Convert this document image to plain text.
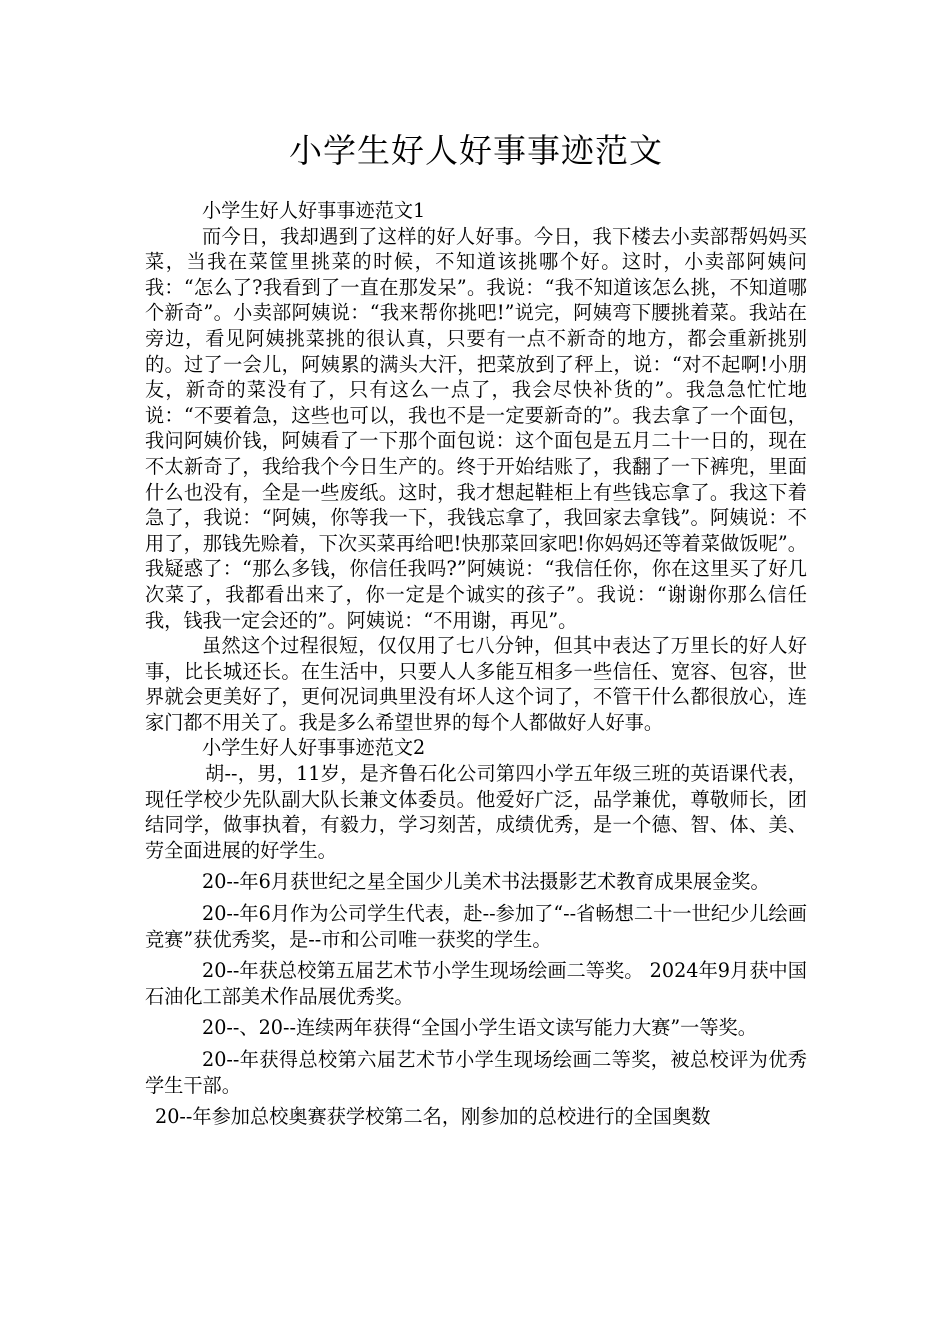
小学生好人好事事迹范文

小学生好人好事事迹范文1

而今日，我却遇到了这样的好人好事。今日，我下楼去小卖部帮妈妈买菜，当我在菜筐里挑菜的时候，不知道该挑哪个好。这时，小卖部阿姨问我：“怎么了?我看到了一直在那发呆”。我说：“我不知道该怎么挑，不知道哪个新奇”。小卖部阿姨说：“我来帮你挑吧!”说完，阿姨弯下腰挑着菜。我站在旁边，看见阿姨挑菜挑的很认真，只要有一点不新奇的地方，都会重新挑别的。过了一会儿，阿姨累的满头大汗，把菜放到了秤上，说：“对不起啊!小朋友，新奇的菜没有了，只有这么一点了，我会尽快补货的”。我急急忙忙地说：“不要着急，这些也可以，我也不是一定要新奇的”。我去拿了一个面包，我问阿姨价钱，阿姨看了一下那个面包说：这个面包是五月二十一日的，现在不太新奇了，我给我个今日生产的。终于开始结账了，我翻了一下裤兜，里面什么也没有，全是一些废纸。这时，我才想起鞋柜上有些钱忘拿了。我这下着急了，我说：“阿姨，你等我一下，我钱忘拿了，我回家去拿钱”。阿姨说：不用了，那钱先赊着，下次买菜再给吧!快那菜回家吧!你妈妈还等着菜做饭呢”。我疑惑了：“那么多钱，你信任我吗?”阿姨说：“我信任你，你在这里买了好几次菜了，我都看出来了，你一定是个诚实的孩子”。我说：“谢谢你那么信任我，钱我一定会还的”。阿姨说：“不用谢，再见”。

虽然这个过程很短，仅仅用了七八分钟，但其中表达了万里长的好人好事，比长城还长。在生活中，只要人人多能互相多一些信任、宽容、包容，世界就会更美好了，更何况词典里没有坏人这个词了，不管干什么都很放心，连家门都不用关了。我是多么希望世界的每个人都做好人好事。

小学生好人好事事迹范文2

胡--，男，11岁，是齐鲁石化公司第四小学五年级三班的英语课代表，现任学校少先队副大队长兼文体委员。他爱好广泛，品学兼优，尊敬师长，团结同学，做事执着，有毅力，学习刻苦，成绩优秀，是一个德、智、体、美、劳全面进展的好学生。

20--年6月获世纪之星全国少儿美术书法摄影艺术教育成果展金奖。

20--年6月作为公司学生代表，赴--参加了“--省畅想二十一世纪少儿绘画竞赛”获优秀奖，是--市和公司唯一获奖的学生。

20--年获总校第五届艺术节小学生现场绘画二等奖。 2024年9月获中国石油化工部美术作品展优秀奖。

20--、20--连续两年获得“全国小学生语文读写能力大赛”一等奖。

20--年获得总校第六届艺术节小学生现场绘画二等奖，被总校评为优秀学生干部。

20--年参加总校奥赛获学校第二名，刚参加的总校进行的全国奥数
